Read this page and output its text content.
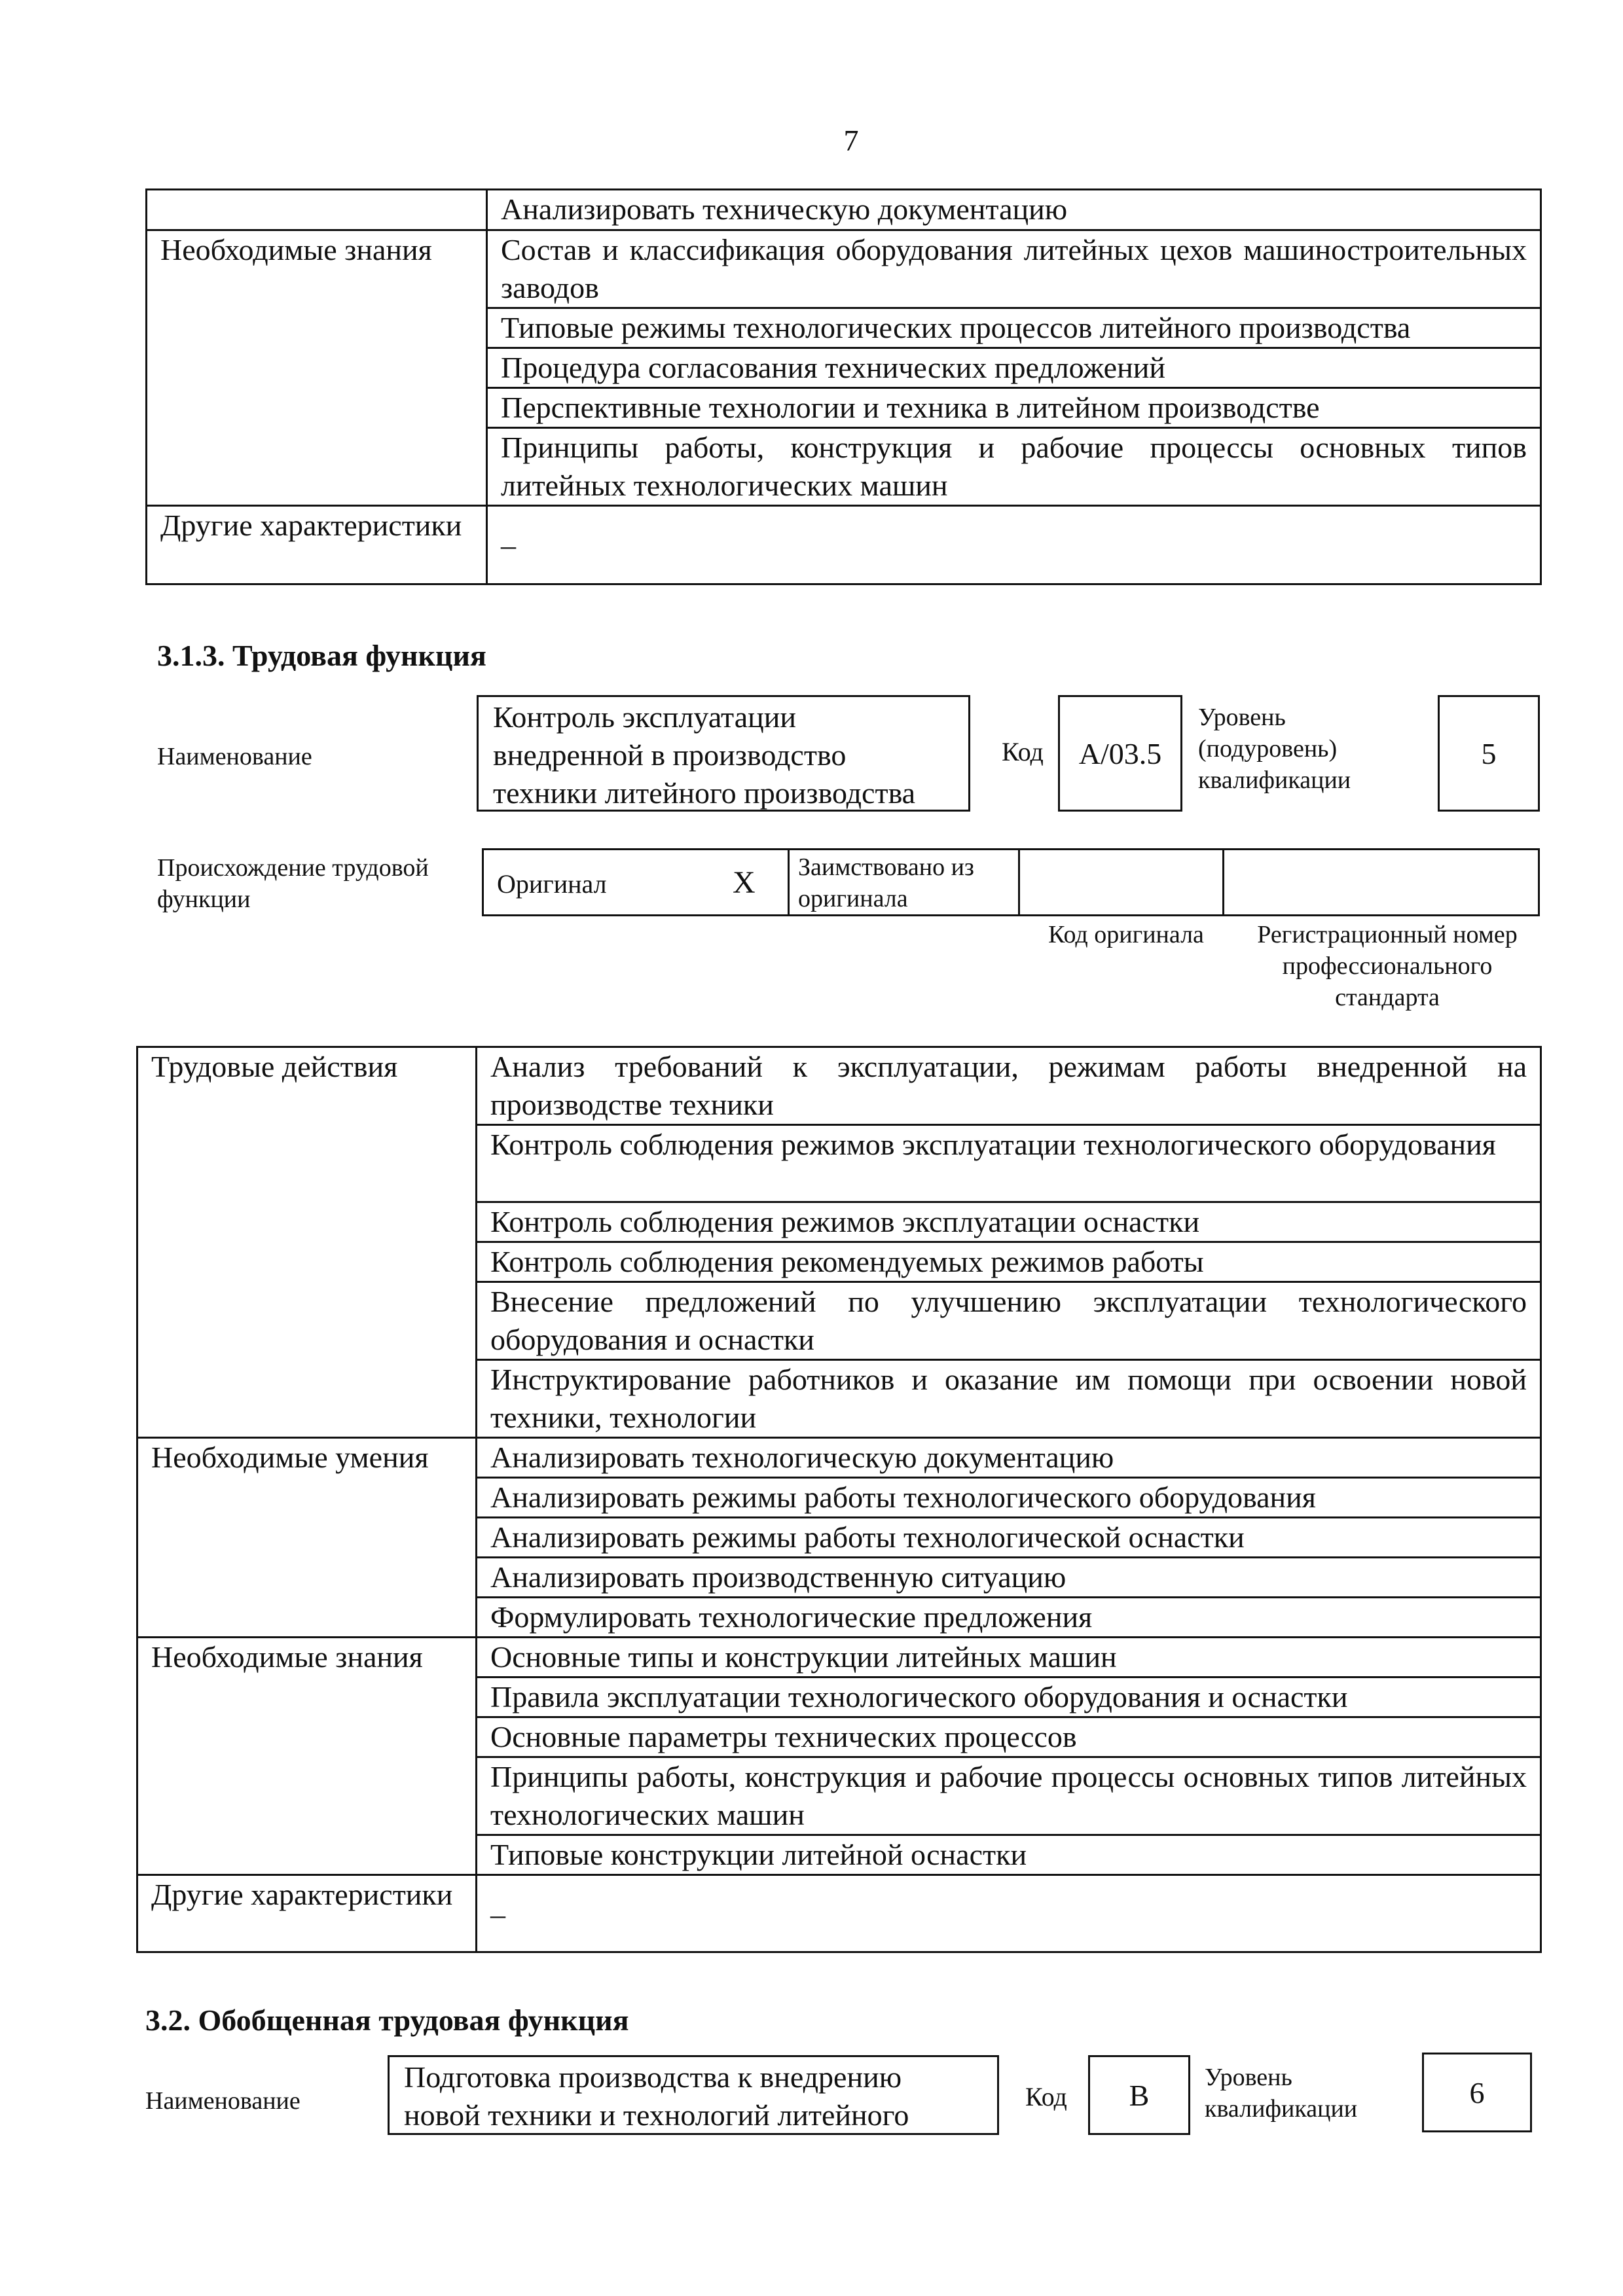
7
	Анализировать техническую документацию
Необходимые знания	Состав и классификация оборудования литейных цехов машиностроительных заводов
	Типовые режимы технологических процессов литейного производства
	Процедура согласования технических предложений
	Перспективные технологии и техника в литейном производстве
	Принципы работы, конструкция и рабочие процессы основных типов литейных технологических машин
Другие характеристики	–
3.1.3. Трудовая функция
Наименование
Контроль эксплуатации внедренной в производство техники литейного производства
Код А/03.5
Уровень (подуровень) квалификации
5
Происхождение трудовой функции
Оригинал	Х Заимствовано из оригинала
Код оригинала	Регистрационный номер профессионального стандарта
Трудовые действия	Анализ требований к эксплуатации, режимам работы внедренной на производстве техники
	Контроль соблюдения режимов эксплуатации технологического оборудования
	Контроль соблюдения режимов эксплуатации оснастки
	Контроль соблюдения рекомендуемых режимов работы
	Внесение предложений по улучшению эксплуатации технологического оборудования и оснастки
	Инструктирование работников и оказание им помощи при освоении новой техники, технологии
Необходимые умения	Анализировать технологическую документацию
	Анализировать режимы работы технологического оборудования
	Анализировать режимы работы технологической оснастки
	Анализировать производственную ситуацию
	Формулировать технологические предложения
Необходимые знания	Основные типы и конструкции литейных машин
	Правила эксплуатации технологического оборудования и оснастки
	Основные параметры технических процессов
	Принципы работы, конструкция и рабочие процессы основных типов литейных технологических машин
	Типовые конструкции литейной оснастки
Другие характеристики	–
3.2. Обобщенная трудовая функция
Наименование
Подготовка производства к внедрению новой техники и технологий литейного
Код В
Уровень квалификации	6
